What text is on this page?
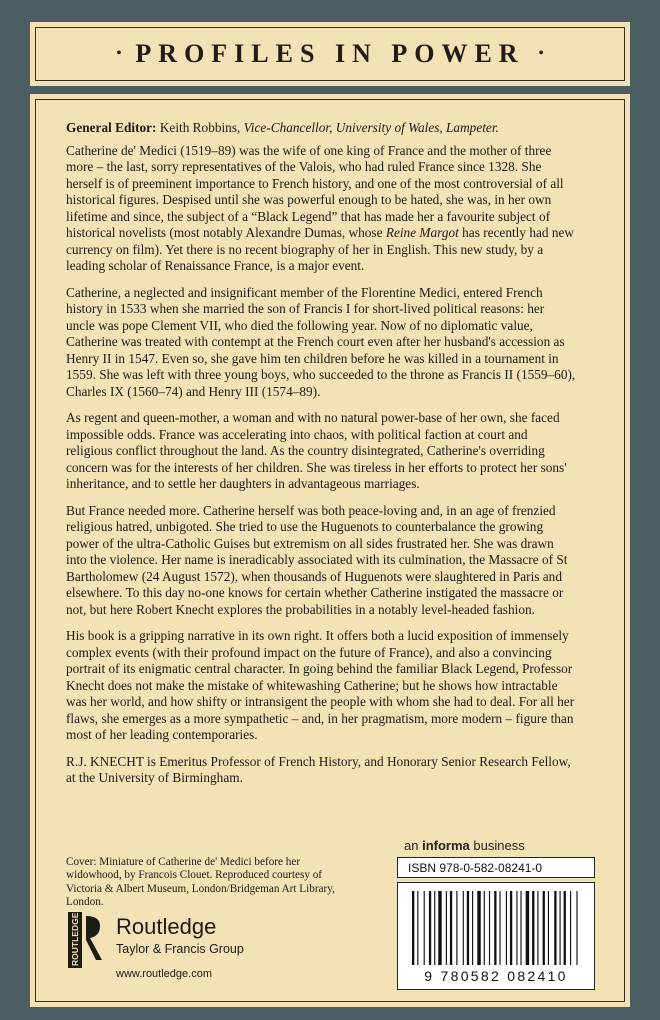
• PROFILES IN POWER •
General Editor: Keith Robbins, Vice-Chancellor, University of Wales, Lampeter.

Catherine de' Medici (1519–89) was the wife of one king of France and the mother of three more – the last, sorry representatives of the Valois, who had ruled France since 1328. She herself is of preeminent importance to French history, and one of the most controversial of all historical figures. Despised until she was powerful enough to be hated, she was, in her own lifetime and since, the subject of a “Black Legend” that has made her a favourite subject of historical novelists (most notably Alexandre Dumas, whose Reine Margot has recently had new currency on film). Yet there is no recent biography of her in English. This new study, by a leading scholar of Renaissance France, is a major event.

Catherine, a neglected and insignificant member of the Florentine Medici, entered French history in 1533 when she married the son of Francis I for short-lived political reasons: her uncle was pope Clement VII, who died the following year. Now of no diplomatic value, Catherine was treated with contempt at the French court even after her husband's accession as Henry II in 1547. Even so, she gave him ten children before he was killed in a tournament in 1559. She was left with three young boys, who succeeded to the throne as Francis II (1559–60), Charles IX (1560–74) and Henry III (1574–89).

As regent and queen-mother, a woman and with no natural power-base of her own, she faced impossible odds. France was accelerating into chaos, with political faction at court and religious conflict throughout the land. As the country disintegrated, Catherine's overriding concern was for the interests of her children. She was tireless in her efforts to protect her sons' inheritance, and to settle her daughters in advantageous marriages.

But France needed more. Catherine herself was both peace-loving and, in an age of frenzied religious hatred, unbigoted. She tried to use the Huguenots to counterbalance the growing power of the ultra-Catholic Guises but extremism on all sides frustrated her. She was drawn into the violence. Her name is ineradicably associated with its culmination, the Massacre of St Bartholomew (24 August 1572), when thousands of Huguenots were slaughtered in Paris and elsewhere. To this day no-one knows for certain whether Catherine instigated the massacre or not, but here Robert Knecht explores the probabilities in a notably level-headed fashion.

His book is a gripping narrative in its own right. It offers both a lucid exposition of immensely complex events (with their profound impact on the future of France), and also a convincing portrait of its enigmatic central character. In going behind the familiar Black Legend, Professor Knecht does not make the mistake of whitewashing Catherine; but he shows how intractable was her world, and how shifty or intransigent the people with whom she had to deal. For all her flaws, she emerges as a more sympathetic – and, in her pragmatism, more modern – figure than most of her leading contemporaries.

R.J. KNECHT is Emeritus Professor of French History, and Honorary Senior Research Fellow, at the University of Birmingham.

an informa business
Cover: Miniature of Catherine de' Medici before her widowhood, by Francois Clouet. Reproduced courtesy of Victoria & Albert Museum, London/Bridgeman Art Library, London.
ISBN 978-0-582-08241-0
9 780582 082410
ROUTLEDGE Routledge
Taylor & Francis Group
www.routledge.com
